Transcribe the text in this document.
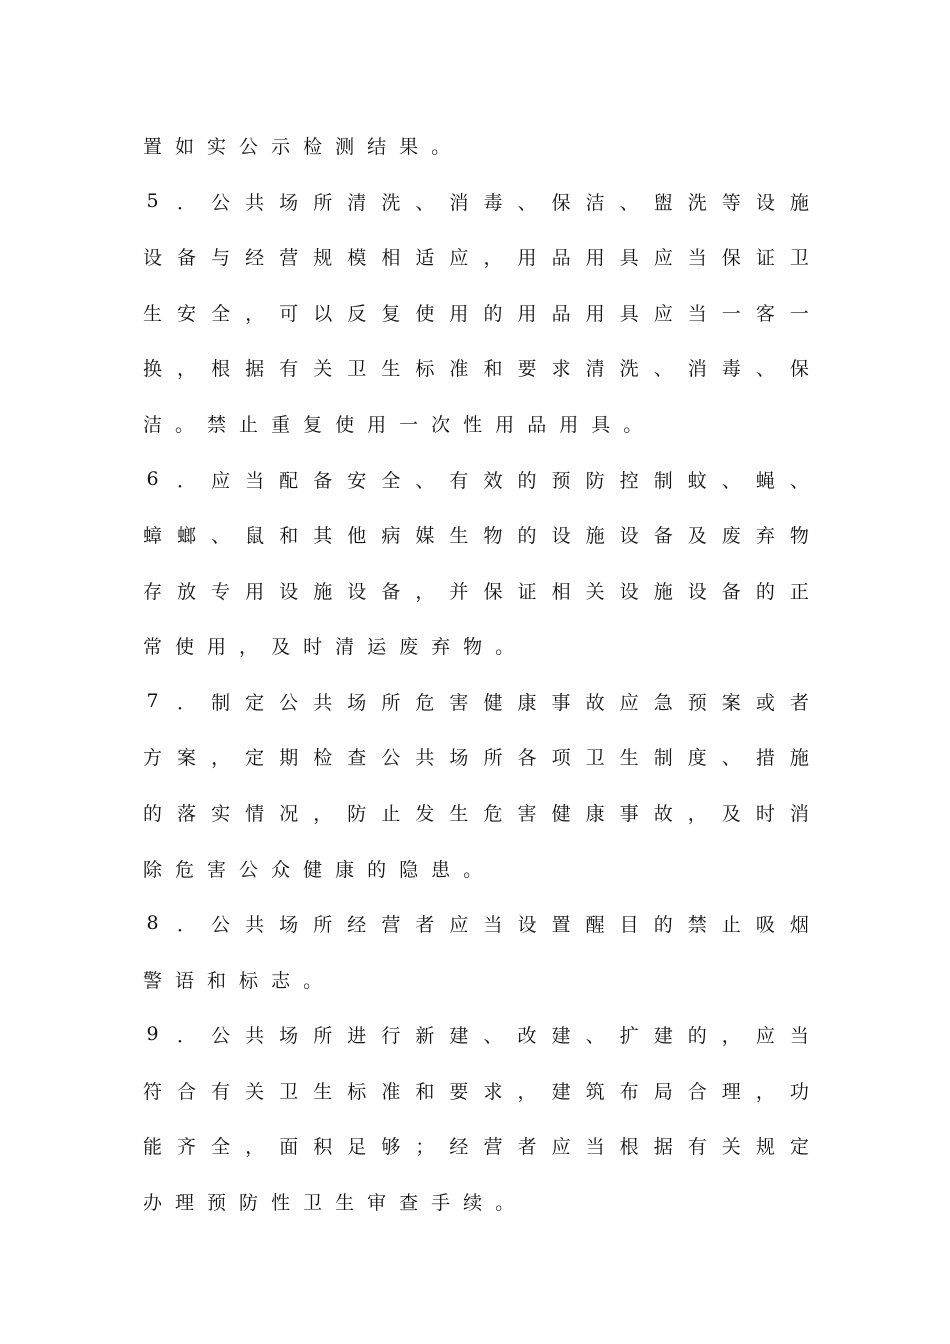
置 如 实 公 示 检 测 结 果 。
5 ． 公 共 场 所 清 洗 、 消 毒 、 保 洁 、 盥 洗 等 设 施
设 备 与 经 营 规 模 相 适 应 ， 用 品 用 具 应 当 保 证 卫
生 安 全 ， 可 以 反 复 使 用 的 用 品 用 具 应 当 一 客 一
换 ， 根 据 有 关 卫 生 标 准 和 要 求 清 洗 、 消 毒 、 保
洁 。 禁 止 重 复 使 用 一 次 性 用 品 用 具 。
6 ． 应 当 配 备 安 全 、 有 效 的 预 防 控 制 蚊 、 蝇 、
蟑 螂 、 鼠 和 其 他 病 媒 生 物 的 设 施 设 备 及 废 弃 物
存 放 专 用 设 施 设 备 ， 并 保 证 相 关 设 施 设 备 的 正
常 使 用 ， 及 时 清 运 废 弃 物 。
7 ． 制 定 公 共 场 所 危 害 健 康 事 故 应 急 预 案 或 者
方 案 ， 定 期 检 查 公 共 场 所 各 项 卫 生 制 度 、 措 施
的 落 实 情 况 ， 防 止 发 生 危 害 健 康 事 故 ， 及 时 消
除 危 害 公 众 健 康 的 隐 患 。
8 ． 公 共 场 所 经 营 者 应 当 设 置 醒 目 的 禁 止 吸 烟
警 语 和 标 志 。
9 ． 公 共 场 所 进 行 新 建 、 改 建 、 扩 建 的 ， 应 当
符 合 有 关 卫 生 标 准 和 要 求 ， 建 筑 布 局 合 理 ， 功
能 齐 全 ， 面 积 足 够 ； 经 营 者 应 当 根 据 有 关 规 定
办 理 预 防 性 卫 生 审 查 手 续 。
